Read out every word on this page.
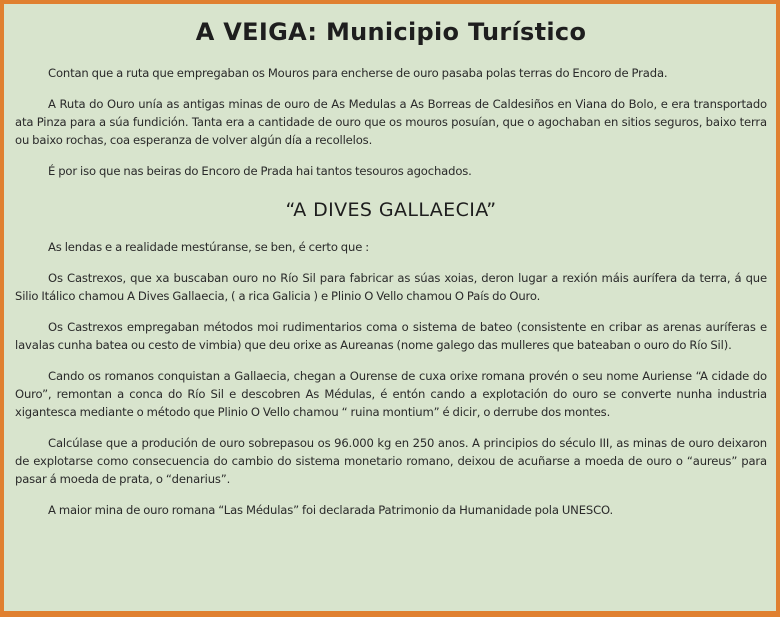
A VEIGA: Municipio Turístico

Contan que a ruta que empregaban os Mouros para encherse de ouro pasaba polas terras do Encoro de Prada.

A Ruta do Ouro unía as antigas minas de ouro de As Medulas a As Borreas de Caldesiños en Viana do Bolo, e era transportado ata Pinza para a súa fundición. Tanta era a cantidade de ouro que os mouros posuían, que o agochaban en sitios seguros, baixo terra ou baixo rochas, coa esperanza de volver algún día a recollelos.

É por iso que nas beiras do Encoro de Prada hai tantos tesouros agochados.

“A DIVES GALLAECIA”

As lendas e a realidade mestúranse, se ben, é certo que :

Os Castrexos, que xa buscaban ouro no Río Sil para fabricar as súas xoias, deron lugar a rexión máis aurífera da terra, á que Silio Itálico chamou A Dives Gallaecia, ( a rica Galicia ) e Plinio O Vello chamou O País do Ouro.

Os Castrexos empregaban métodos moi rudimentarios coma o sistema de bateo (consistente en cribar as arenas auríferas e lavalas cunha batea ou cesto de vimbia) que deu orixe as Aureanas (nome galego das mulleres que bateaban o ouro do Río Sil).

Cando os romanos conquistan a Gallaecia, chegan a Ourense de cuxa orixe romana provén o seu nome Auriense “A cidade do Ouro”, remontan a conca do Río Sil e descobren As Médulas, é entón cando a explotación do ouro se converte nunha industria xigantesca mediante o método que Plinio O Vello chamou “ ruina montium” é dicir, o derrube dos montes.

Calcúlase que a produción de ouro sobrepasou os 96.000 kg en 250 anos. A principios do século III, as minas de ouro deixaron de explotarse como consecuencia do cambio do sistema monetario romano, deixou de acuñarse a moeda de ouro o “aureus” para pasar á moeda de prata, o “denarius”.

A maior mina de ouro romana “Las Médulas” foi declarada Patrimonio da Humanidade pola UNESCO.
